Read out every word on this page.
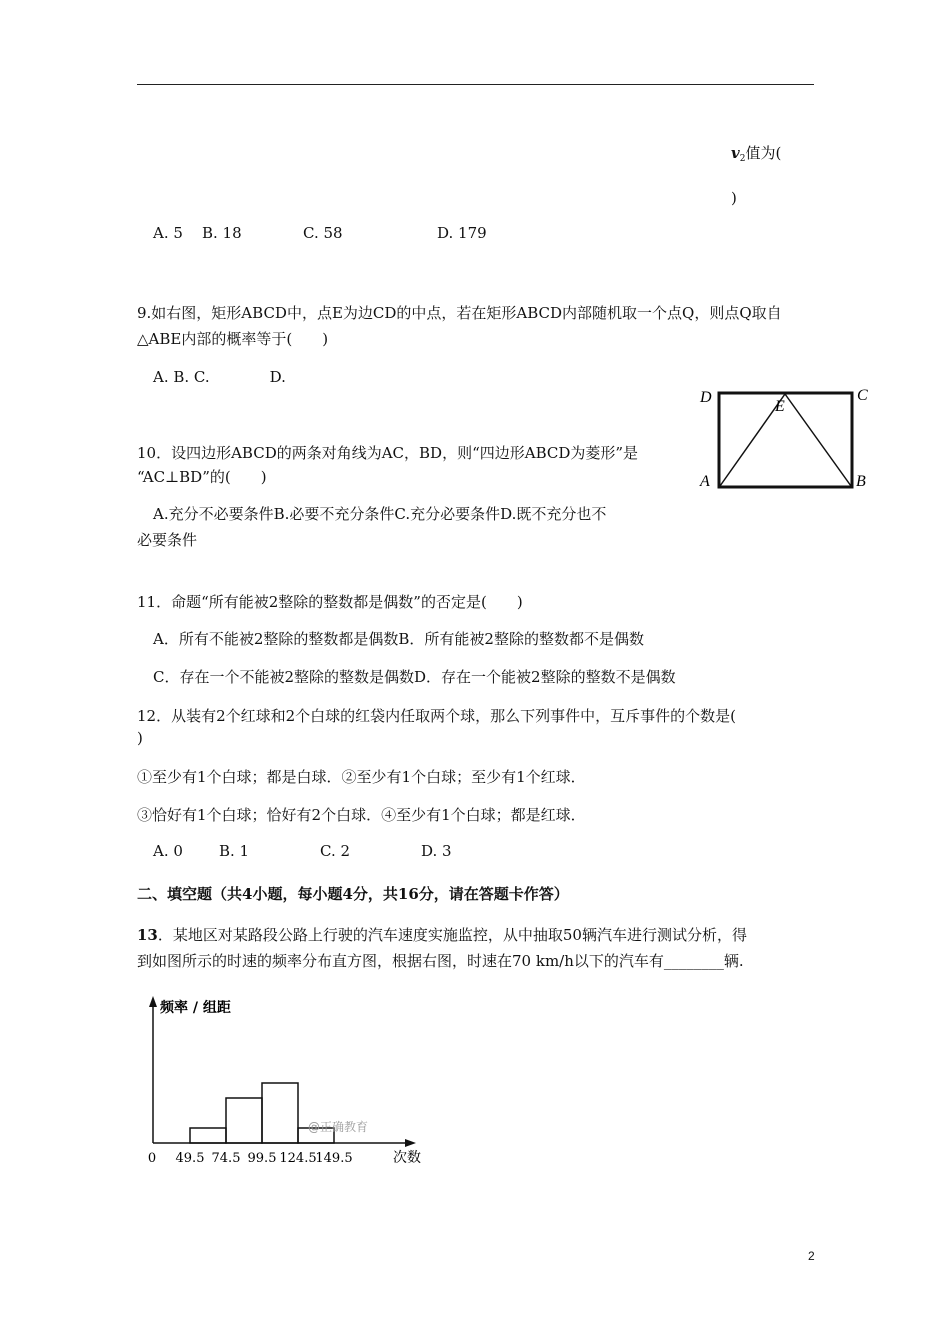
$v_2$值为(
)
A. 5 B. 18	C. 58	D. 179
9.如右图，矩形ABCD中，点E为边CD的中点，若在矩形ABCD内部随机取一个点Q，则点Q取自
△ABE内部的概率等于(　　)
A. B. C.　　　　D.
D	C
E
A	B
10．设四边形ABCD的两条对角线为AC，BD，则“四边形ABCD为菱形”是
“AC⊥BD”的(　　)
A.充分不必要条件B.必要不充分条件C.充分必要条件D.既不充分也不
必要条件
11．命题“所有能被2整除的整数都是偶数”的否定是(　　)
A．所有不能被2整除的整数都是偶数B．所有能被2整除的整数都不是偶数
C．存在一个不能被2整除的整数是偶数D．存在一个能被2整除的整数不是偶数
12．从装有2个红球和2个白球的红袋内任取两个球，那么下列事件中，互斥事件的个数是(
)
①至少有1个白球；都是白球．②至少有1个白球；至少有1个红球．
③恰好有1个白球；恰好有2个白球．④至少有1个白球；都是红球．
A. 0 B. 1	C. 2	D. 3
二、填空题（共4小题，每小题4分，共16分，请在答题卡作答）
13．某地区对某路段公路上行驶的汽车速度实施监控，从中抽取50辆汽车进行测试分析，得
到如图所示的时速的频率分布直方图，根据右图，时速在70 km/h以下的汽车有________辆.
频率 / 组距
次数
@正确教育
0 49.5 74.5 99.5 124.5
149.5
2
